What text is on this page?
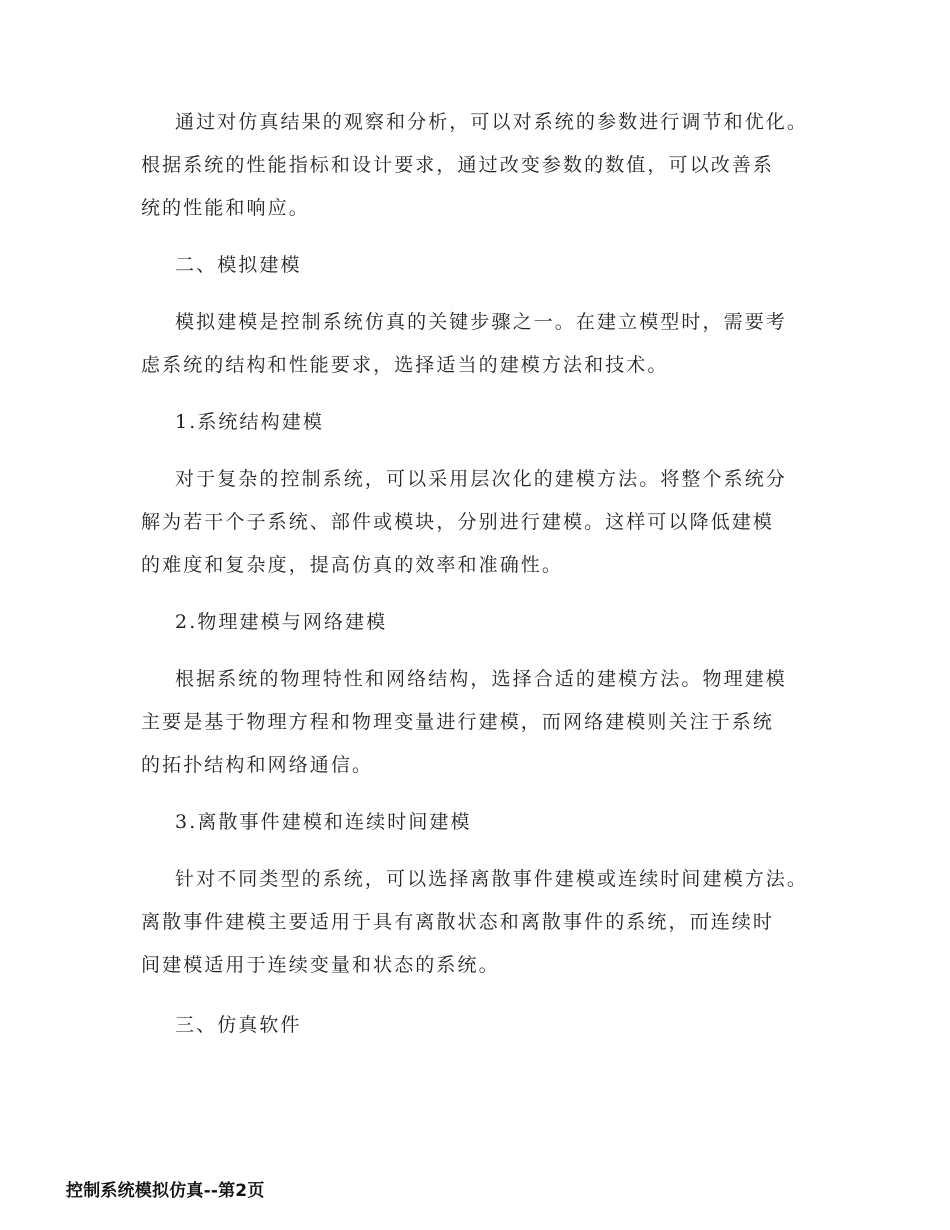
通过对仿真结果的观察和分析，可以对系统的参数进行调节和优化。
根据系统的性能指标和设计要求，通过改变参数的数值，可以改善系
统的性能和响应。
二、模拟建模
模拟建模是控制系统仿真的关键步骤之一。在建立模型时，需要考
虑系统的结构和性能要求，选择适当的建模方法和技术。
1.系统结构建模
对于复杂的控制系统，可以采用层次化的建模方法。将整个系统分
解为若干个子系统、部件或模块，分别进行建模。这样可以降低建模
的难度和复杂度，提高仿真的效率和准确性。
2.物理建模与网络建模
根据系统的物理特性和网络结构，选择合适的建模方法。物理建模
主要是基于物理方程和物理变量进行建模，而网络建模则关注于系统
的拓扑结构和网络通信。
3.离散事件建模和连续时间建模
针对不同类型的系统，可以选择离散事件建模或连续时间建模方法。
离散事件建模主要适用于具有离散状态和离散事件的系统，而连续时
间建模适用于连续变量和状态的系统。
三、仿真软件
控制系统模拟仿真--第2页
